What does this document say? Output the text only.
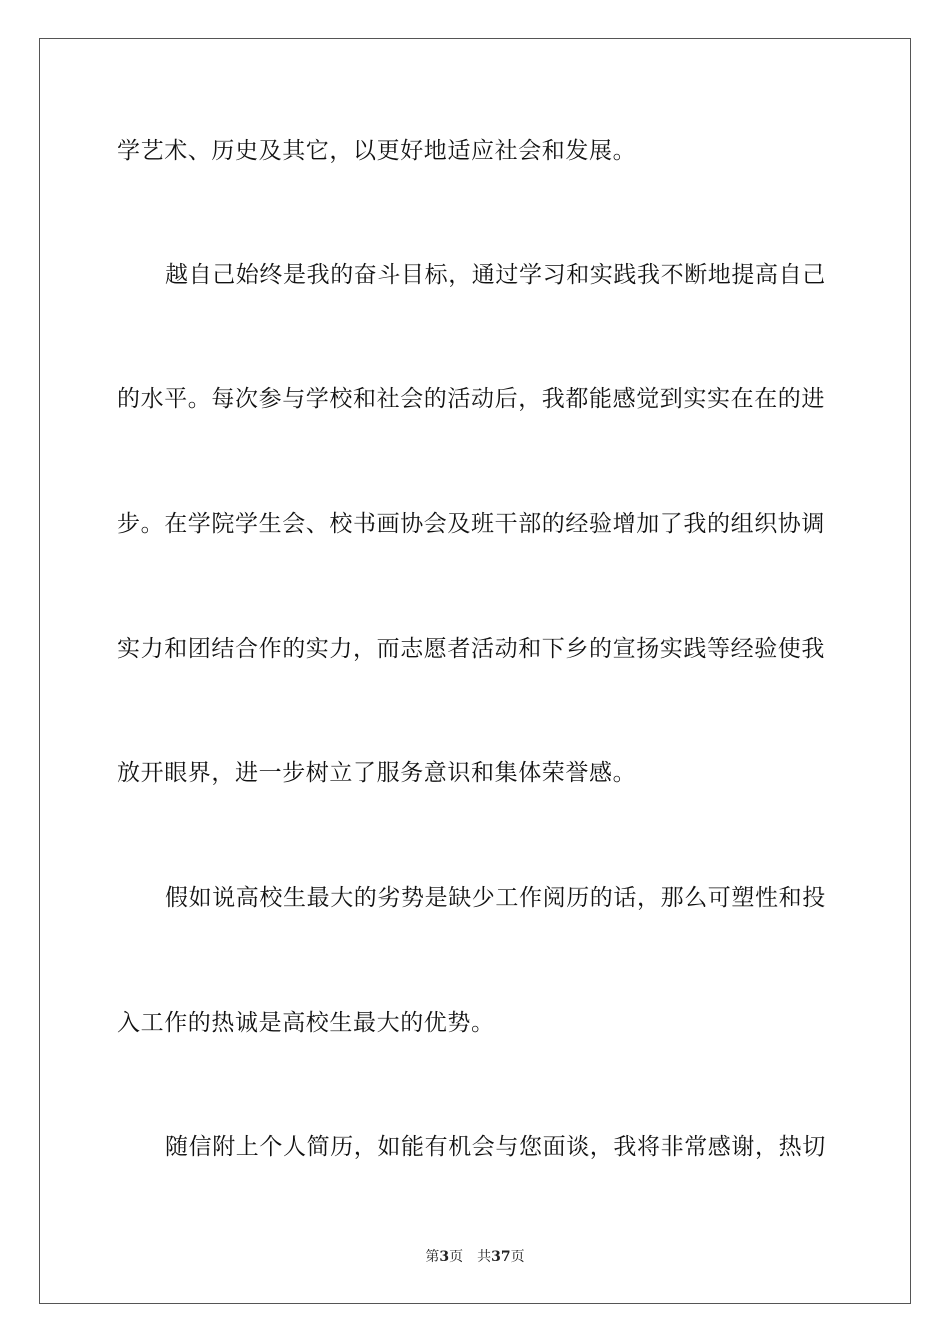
学艺术、历史及其它，以更好地适应社会和发展。
越自己始终是我的奋斗目标，通过学习和实践我不断地提高自己
的水平。每次参与学校和社会的活动后，我都能感觉到实实在在的进
步。在学院学生会、校书画协会及班干部的经验增加了我的组织协调
实力和团结合作的实力，而志愿者活动和下乡的宣扬实践等经验使我
放开眼界，进一步树立了服务意识和集体荣誉感。
假如说高校生最大的劣势是缺少工作阅历的话，那么可塑性和投
入工作的热诚是高校生最大的优势。
随信附上个人简历，如能有机会与您面谈，我将非常感谢，热切
第3页 共37页
